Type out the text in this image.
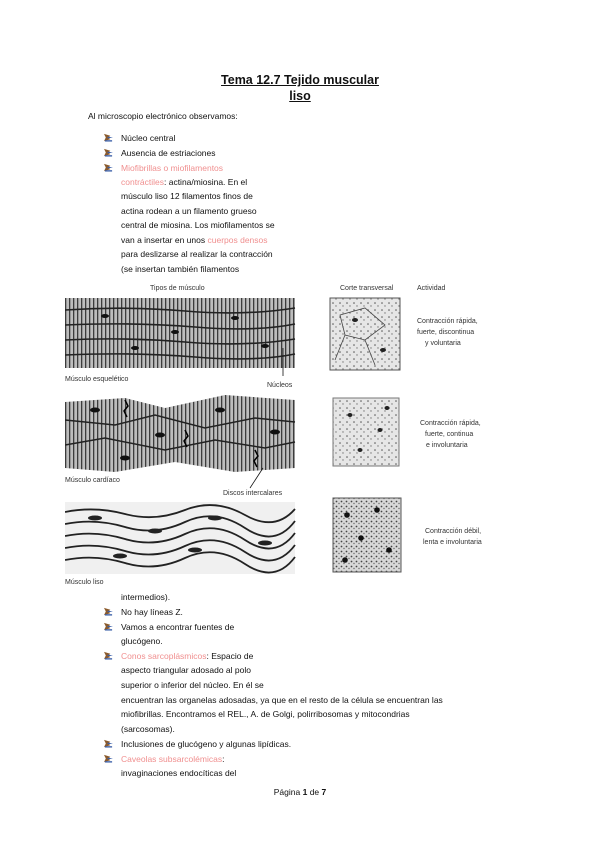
Tema 12.7 Tejido muscular
liso
Al microscopio electrónico observamos:
Núcleo central
Ausencia de estriaciones
Miofibrillas o miofilamentos
contráctiles: actina/miosina. En el
músculo liso 12 filamentos finos de
actina rodean a un filamento grueso
central de miosina. Los miofilamentos se
van a insertar en unos cuerpos densos
para deslizarse al realizar la contracción
(se insertan también filamentos
Tipos de músculo	Corte transversal	Actividad
Contracción rápida,
fuerte, discontinua
y voluntaria
Músculo esquelético
Núcleos
Contracción rápida,
fuerte, continua
e involuntaria
Músculo cardíaco
Discos intercalares
Contracción débil,
lenta e involuntaria
Músculo liso
intermedios).
No hay líneas Z.
Vamos a encontrar fuentes de
glucógeno.
Conos sarcoplásmicos: Espacio de
aspecto triangular adosado al polo
superior o inferior del núcleo. En él se
encuentran las organelas adosadas, ya que en el resto de la célula se encuentran las
miofibrillas. Encontramos el REL., A. de Golgi, polirribosomas y mitocondrias
(sarcosomas).
Inclusiones de glucógeno y algunas lipídicas.
Caveolas subsarcolémicas:
invaginaciones endocíticas del
Página 1 de 7
